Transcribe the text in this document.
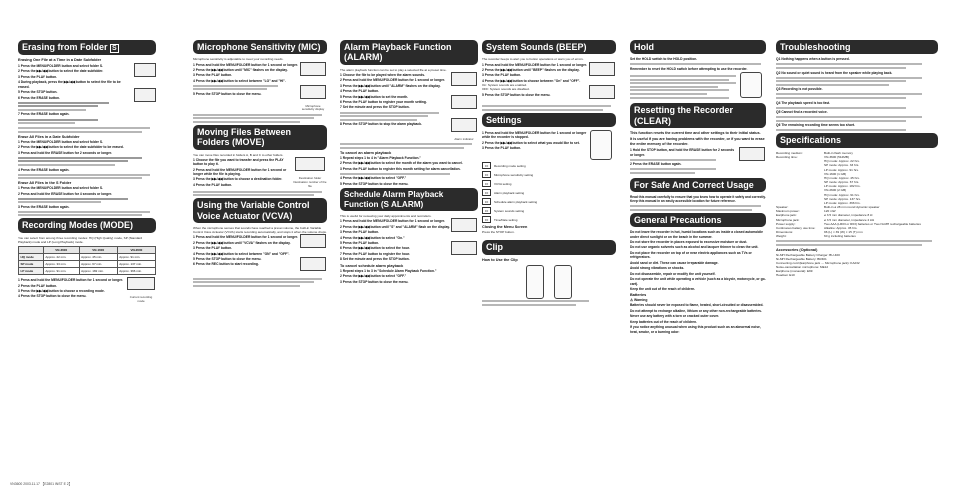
Erasing from Folder S
Erasing One File at a Time in a Date Subfolder
1 Press the MENU/FOLDER button and select folder S.
2 Press the ▶▶/◀◀ button to select the date subfolder.
3 Press the PLAY button.
4 During playback, press the ▶▶/◀◀ button to select the file to be erased.
5 Press the STOP button.
6 Press the ERASE button.
7 Press the ERASE button again.

Erase All Files in a Date Subfolder
1 Press the MENU/FOLDER button and select folder S.
2 Press the ▶▶/◀◀ button to select the date subfolder to be erased.
3 Press and hold the ERASE button for 2 seconds or longer.
4 Press the ERASE button again.
Erase All Files in the S Folder
1 Press the MENU/FOLDER button and select folder S.
2 Press and hold the ERASE button for 4 seconds or longer.
3 Press the ERASE button again.
Recording Modes (MODE)
You can select from among three recording modes: HQ (High Quality) mode, SP (Standard Playback) mode and LP (Long Playback) mode.
	VN-3600	VN-1600	VN-2600
HQ mode	Approx. 22 min.	Approx. 45 min.	Approx. 91 min.
SP mode	Approx. 33 min.	Approx. 67 min.	Approx. 137 min.
LP mode	Approx. 91 min.	Approx. 182 min.	Approx. 366 min.
1 Press and hold the MENU/FOLDER button for 1 second or longer.
2 Press the PLAY button.
3 Press the ▶▶/◀◀ button to choose a recording mode.
4 Press the STOP button to close the menu.	Current recording mode
Microphone Sensitivity (MIC)
Microphone sensitivity is adjustable to meet your recording needs.
1 Press and hold the MENU/FOLDER button for 1 second or longer.
2 Press the ▶▶/◀◀ button until "MIC" flashes on the display.
3 Press the PLAY button.
4 Press the ▶▶/◀◀ button to select between "LO" and "HI".
5 Press the STOP button to close the menu.

Microphone sensitivity display
Moving Files Between Folders (MOVE)
You can move files recorded in folders A, B and C to other folders.
1 Choose the file you want to transfer and press the PLAY button to play it.
2 Press and hold the MENU/FOLDER button for 1 second or longer while the file is playing.
3 Press the ▶▶/◀◀ button to choose a destination folder.
4 Press the PLAY button.
Destination folder
Destination number of the file
Using the Variable Control Voice Actuator (VCVA)
When the microphone senses that sounds have reached a preset volume, the built-in Variable Control Voice Actuator (VCVA) starts recording automatically, and stops it when the volume drops.
1 Press and hold the MENU/FOLDER button for 1 second or longer.
2 Press the ▶▶/◀◀ button until "VCVA" flashes on the display.
3 Press the PLAY button.
4 Press the ▶▶/◀◀ button to select between "ON" and "OFF".
5 Press the STOP button to close the menu.
6 Press the REC button to start recording.

Alarm Playback Function (ALARM)
The alarm playback function can be set to play a selected file at a preset time.
1 Choose the file to be played when the alarm sounds.
2 Press and hold the MENU/FOLDER button for 1 second or longer.
3 Press the ▶▶/◀◀ button until "ALARM" flashes on the display.
4 Press the PLAY button.
5 Press the ▶▶/◀◀ button to set the month.
6 Press the PLAY button to register your month setting.
7 Set the minute and press the STOP button.
8 Press the STOP button to stop the alarm playback.

Alarm indicator
To cancel an alarm playback
1 Repeat steps 1 to 4 in "Alarm Playback Function."
2 Press the ▶▶/◀◀ button to select the month of the alarm you want to cancel.
3 Press the PLAY button to register this month setting for alarm cancellation.
4 Press the ▶▶/◀◀ button to select "OFF."
5 Press the STOP button to close the menu.
Schedule Alarm Playback Function (S ALARM)
This is useful for reviewing your daily appointments and reminders.
1 Press and hold the MENU/FOLDER button for 1 second or longer.
2 Press the ▶▶/◀◀ button until "S" and "ALARM" flash on the display.
3 Press the PLAY button.
4 Press the ▶▶/◀◀ button to select "On."
5 Press the PLAY button.
6 Press the ▶▶/◀◀ button to select the hour.
7 Press the PLAY button to register the hour.
8 Set the minute and press the STOP button.

To cancel schedule alarm playback
1 Repeat steps 1 to 3 in "Schedule Alarm Playback Function."
2 Press the ▶▶/◀◀ button to select "OFF."
3 Press the STOP button to close the menu.
System Sounds (BEEP)
The recorder beeps to alert you to button operations or warn you of errors.
1 Press and hold the MENU/FOLDER button for 1 second or longer.
2 Press the ▶▶/◀◀ button until "BEEP" flashes on the display.
3 Press the PLAY button.
4 Press the ▶▶/◀◀ button to choose between "On" and "OFF".
On: System sounds are enabled.
OFF: System sounds are disabled.
5 Press the STOP button to close the menu.

Settings
1 Press and hold the MENU/FOLDER button for 1 second or longer while the recorder is stopped.
2 Press the ▶▶/◀◀ button to select what you would like to set.
3 Press the PLAY button.
▭	Recording mode setting
▭	Microphone sensitivity setting
▭	VCVA setting
▭	Alarm playback setting
▭	Schedule alarm playback setting
▭	System sounds setting
▭	Time/Date setting
Closing the Menu Screen
Press the STOP button.
Clip
How to Use the Clip
Hold
Set the HOLD switch to the HOLD position.
Remember to reset the HOLD switch before attempting to use the recorder.
Resetting the Recorder (CLEAR)
This function resets the current time and other settings to their initial status.
It is useful if you are having problems with the recorder, or if you want to erase the entire memory of the recorder.
1 Hold the STOP button, and hold the ERASE button for 2 seconds or longer.
2 Press the ERASE button again.
For Safe And Correct Usage
Read this manual carefully to ensure that you know how to operate it safely and correctly. Keep this manual in an easily accessible location for future reference.
General Precautions
Do not leave the recorder in hot, humid locations such as inside a closed automobile under direct sunlight or on the beach in the summer.
Do not store the recorder in places exposed to excessive moisture or dust.
Do not use organic solvents such as alcohol and lacquer thinner to clean the unit.
Do not place the recorder on top of or near electric appliances such as TVs or refrigerators.
Avoid sand or dirt. These can cause irreparable damage.
Avoid strong vibrations or shocks.
Do not disassemble, repair or modify the unit yourself.
Do not operate the unit while operating a vehicle (such as a bicycle, motorcycle, or go-cart).
Keep the unit out of the reach of children.
Batteries
⚠ Warning
Batteries should never be exposed to flame, heated, short-circuited or disassembled.
Do not attempt to recharge alkaline, lithium or any other non-rechargeable batteries.
Never use any battery with a torn or cracked outer cover.
Keep batteries out of the reach of children.
If you notice anything unusual when using this product such as an abnormal noise, heat, smoke, or a burning odor:
Troubleshooting
Q1 Nothing happens when a button is pressed.
Q2 No sound or quiet sound is heard from the speaker while playing back.
Q3 Recording is not possible.
Q4 The playback speed is too fast.
Q5 Cannot find a recorded voice.
Q6 The remaining recording time seems too short.
Specifications
Recording medium:	Built-in flash memory
Recording time:	VN-3600 (512MB)
HQ mode: Approx. 22 hrs.
SP mode: Approx. 33 hrs.
LP mode: Approx. 91 hrs.
VN-1600 (1 GB)
HQ mode: Approx. 45 hrs.
SP mode: Approx. 67 hrs.
LP mode: Approx. 182 hrs.
VN-2600 (2 GB)
HQ mode: Approx. 91 hrs.
SP mode: Approx. 137 hrs.
LP mode: Approx. 366 hrs.
Speaker:	Built-in ø 28 mm round dynamic speaker
Maximum power:	120 mW
Earphone jack:	ø 3.5 mm diameter, impedance 8 Ω
Microphone jack:	ø 3.5 mm diameter, impedance 2 kΩ
Power supply:	Two AAA (LR03 or R03) batteries or Two Ni-MH rechargeable batteries
Continuous battery use time:	Alkaline: Approx. 45 hrs.
Dimensions:	96 (L) × 39 (W) × 15 (T) mm
Weight:	60 g including batteries
Accessories (Optional)
Ni-MH Rechargeable Battery Charger: BU-400
Ni-MH Rechargeable Battery: BR401
Connecting cord (Earphone jack ↔ Microphone jack): KA232
Noise-cancellation microphone: ME12
Earphone (monaural): E99
Headset: E10
VN3600 2003.11.17 【E2801 INST E 2】
